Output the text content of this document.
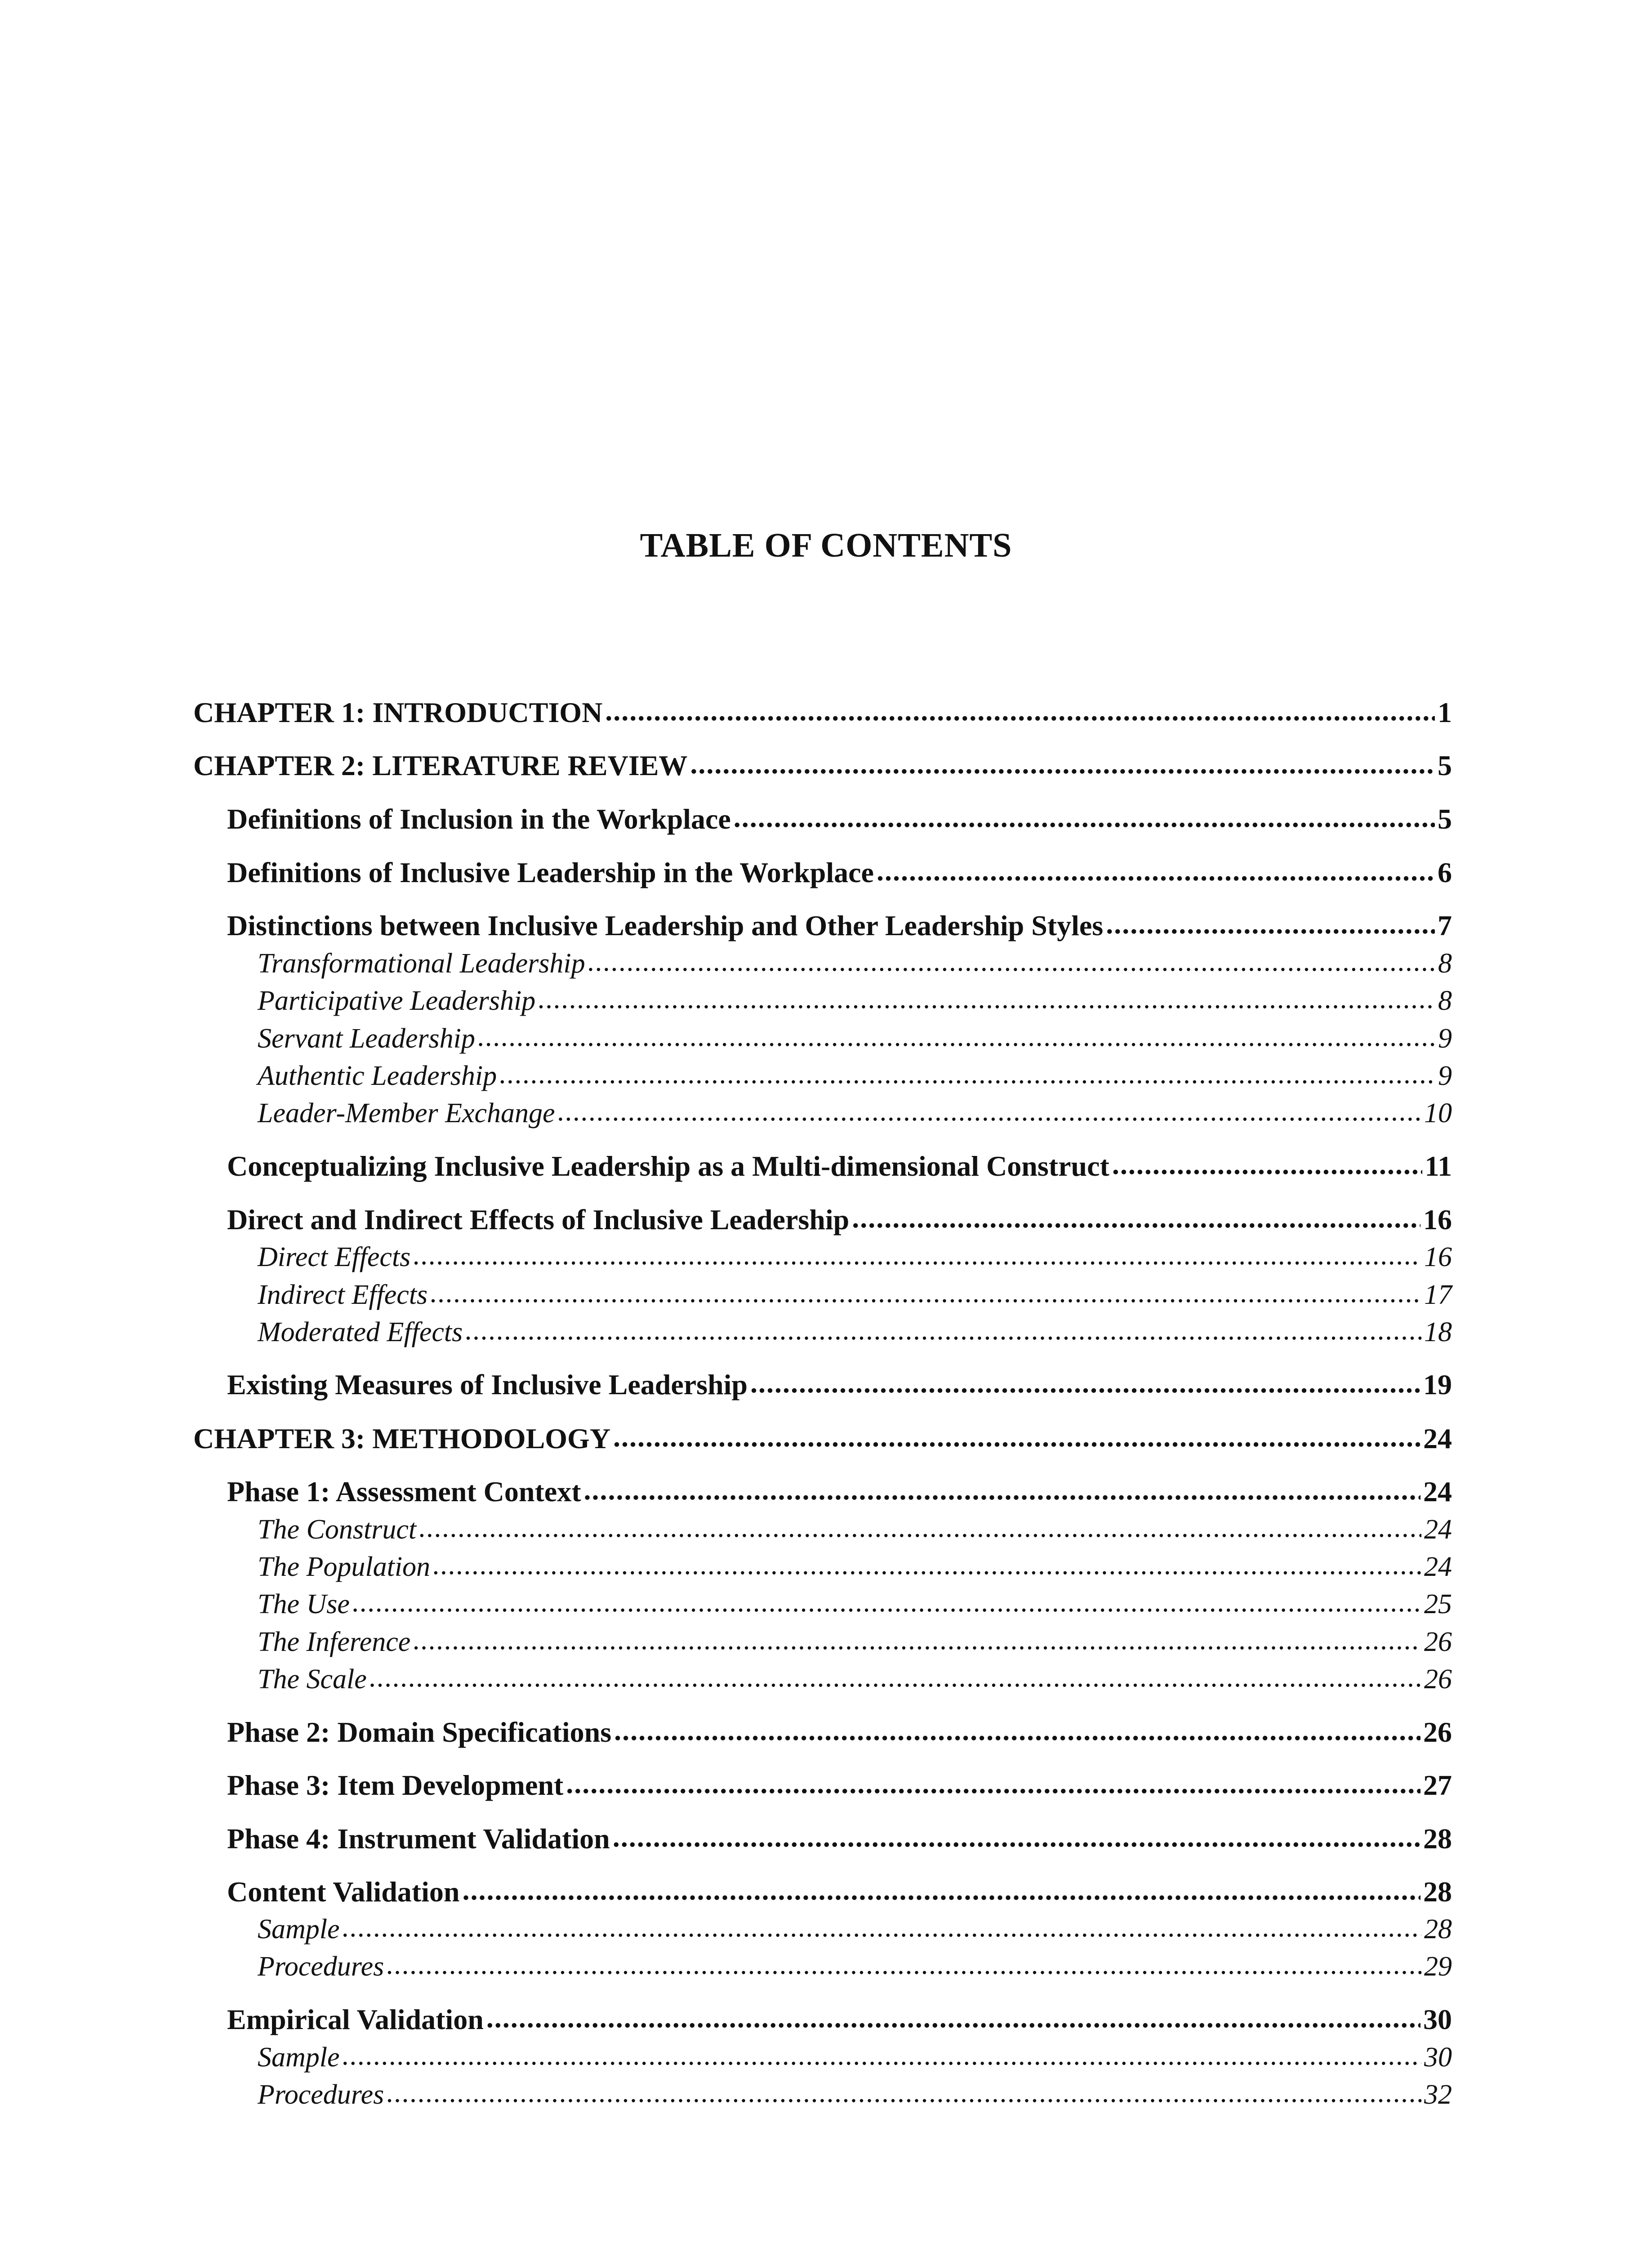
TABLE OF CONTENTS
CHAPTER 1: INTRODUCTION .....	1
CHAPTER 2: LITERATURE REVIEW .....	5
Definitions of Inclusion in the Workplace .....	5
Definitions of Inclusive Leadership in the Workplace .....	6
Distinctions between Inclusive Leadership and Other Leadership Styles .....	7
Transformational Leadership .....	8
Participative Leadership .....	8
Servant Leadership .....	9
Authentic Leadership .....	9
Leader-Member Exchange .....	10
Conceptualizing Inclusive Leadership as a Multi-dimensional Construct .....	11
Direct and Indirect Effects of Inclusive Leadership .....	16
Direct Effects .....	16
Indirect Effects .....	17
Moderated Effects .....	18
Existing Measures of Inclusive Leadership .....	19
CHAPTER 3: METHODOLOGY .....	24
Phase 1: Assessment Context .....	24
The Construct .....	24
The Population .....	24
The Use .....	25
The Inference .....	26
The Scale .....	26
Phase 2: Domain Specifications .....	26
Phase 3: Item Development .....	27
Phase 4: Instrument Validation .....	28
Content Validation .....	28
Sample .....	28
Procedures .....	29
Empirical Validation .....	30
Sample .....	30
Procedures .....	32
